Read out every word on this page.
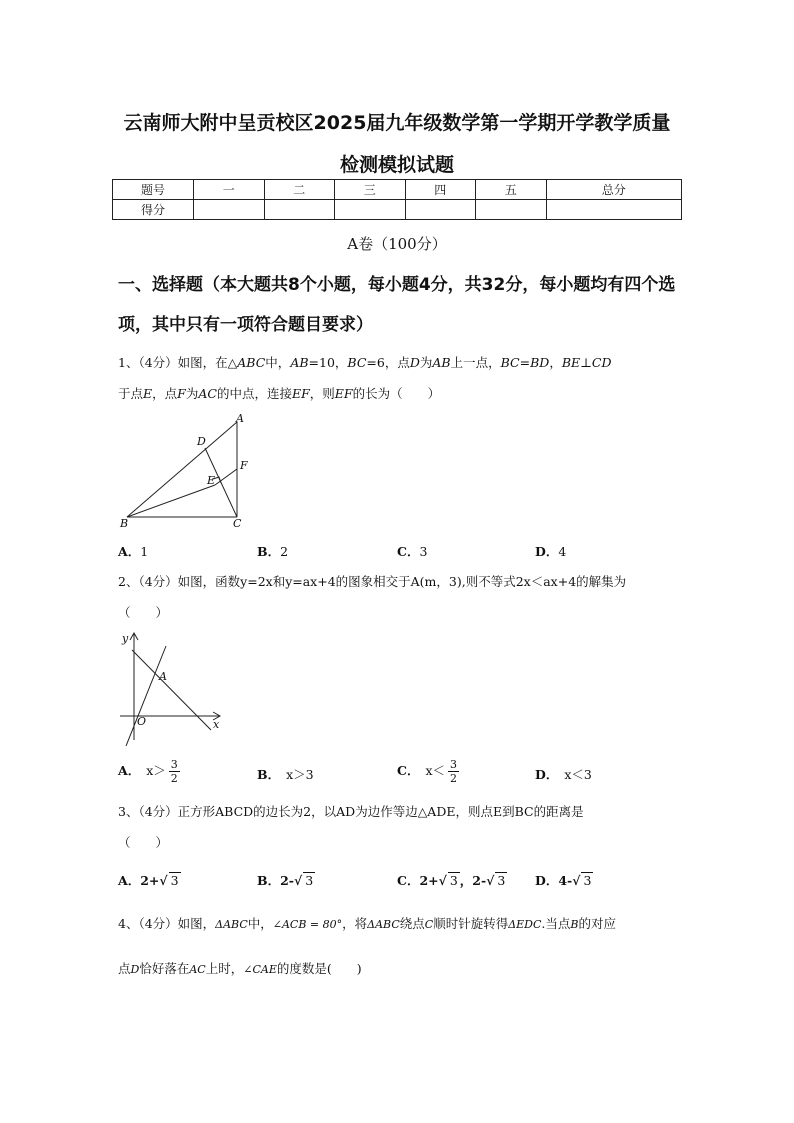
云南师大附中呈贡校区2025届九年级数学第一学期开学教学质量
检测模拟试题
题号	一	二	三	四	五	总分
得分						
A卷（100分）
一、选择题（本大题共8个小题，每小题4分，共32分，每小题均有四个选项，其中只有一项符合题目要求）
1、（4分）如图，在△ABC中，AB=10，BC=6，点D为AB上一点，BC=BD，BE⊥CD
于点E，点F为AC的中点，连接EF，则EF的长为（　　）
A
B	C
D
E
F
A．1	B．2	C．3	D．4
2、（4分）如图，函数y=2x和y=ax+4的图象相交于A(m，3),则不等式2x＜ax+4的解集为
（　　）
y
x
O
A
A． $x> \frac{3}{2}$	B． x＞3	C． $x< \frac{3}{2}$	D． x＜3
3、（4分）正方形ABCD的边长为2，以AD为边作等边△ADE，则点E到BC的距离是
（　　）
A．2+√ 3	B．2-√ 3	C．2+√ 3 ，2-√ 3 D．4-√ 3
4、（4分）如图，ΔABC中，∠ACB = 80°，将ΔABC绕点C顺时针旋转得ΔEDC.当点B的对应
点D恰好落在AC上时，∠CAE的度数是(　　)
